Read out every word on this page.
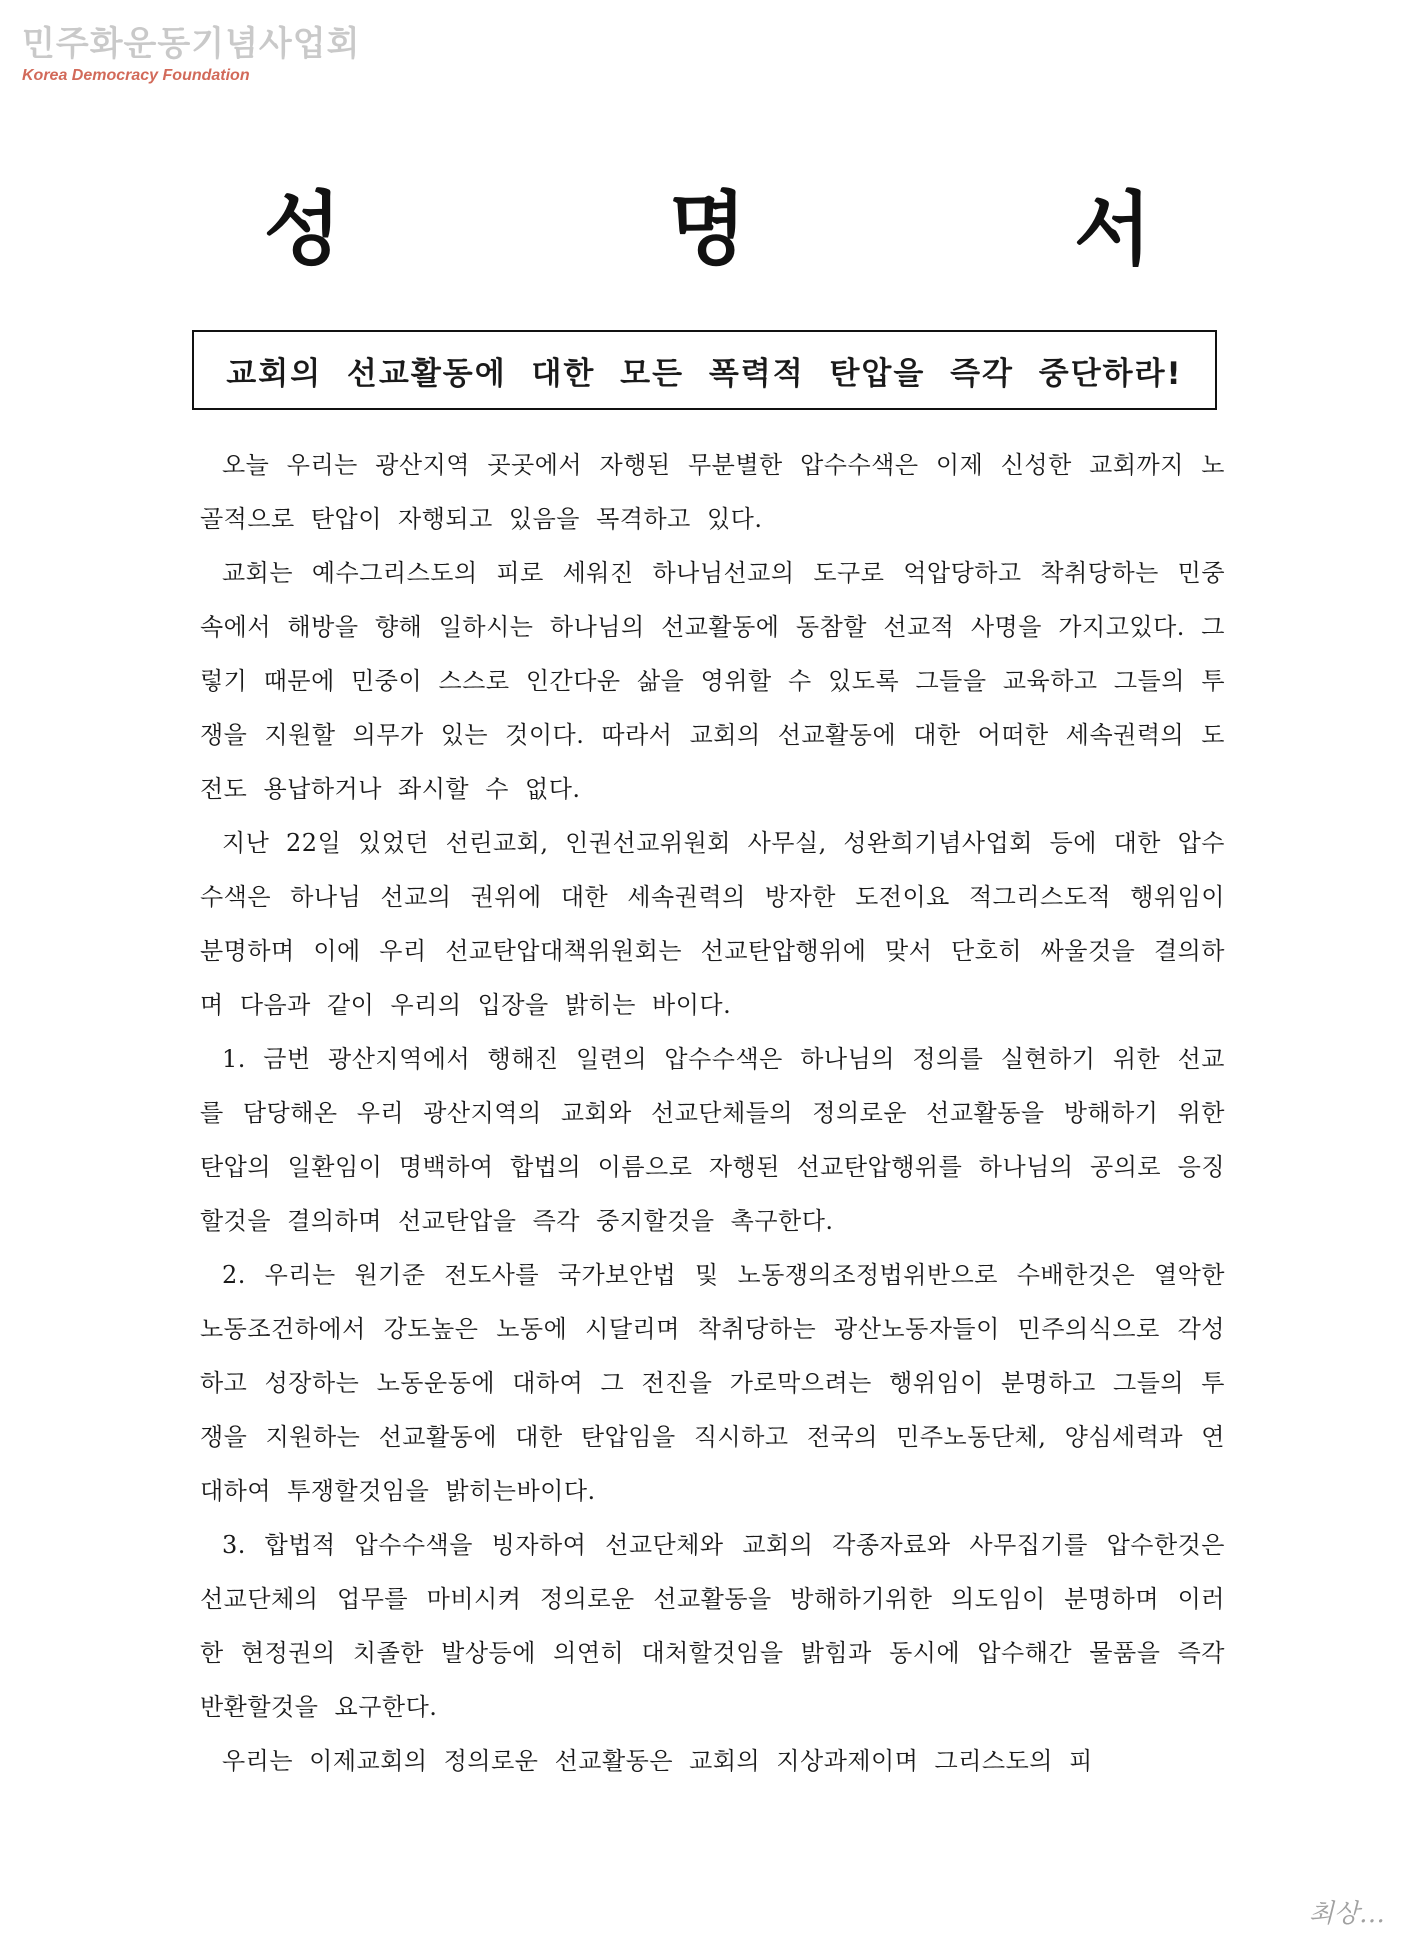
민주화운동기념사업회
Korea Democracy Foundation
성 명 서
교회의 선교활동에 대한 모든 폭력적 탄압을 즉각 중단하라!

오늘 우리는 광산지역 곳곳에서 자행된 무분별한 압수수색은 이제 신성한 교회까지 노골적으로 탄압이 자행되고 있음을 목격하고 있다.

교회는 예수그리스도의 피로 세워진 하나님선교의 도구로 억압당하고 착취당하는 민중속에서 해방을 향해 일하시는 하나님의 선교활동에 동참할 선교적 사명을 가지고있다. 그렇기 때문에 민중이 스스로 인간다운 삶을 영위할 수 있도록 그들을 교육하고 그들의 투쟁을 지원할 의무가 있는 것이다. 따라서 교회의 선교활동에 대한 어떠한 세속권력의 도전도 용납하거나 좌시할 수 없다.

지난 22일 있었던 선린교회, 인권선교위원회 사무실, 성완희기념사업회 등에 대한 압수수색은 하나님 선교의 권위에 대한 세속권력의 방자한 도전이요 적그리스도적 행위임이 분명하며 이에 우리 선교탄압대책위원회는 선교탄압행위에 맞서 단호히 싸울것을 결의하며 다음과 같이 우리의 입장을 밝히는 바이다.

1. 금번 광산지역에서 행해진 일련의 압수수색은 하나님의 정의를 실현하기 위한 선교를 담당해온 우리 광산지역의 교회와 선교단체들의 정의로운 선교활동을 방해하기 위한 탄압의 일환임이 명백하여 합법의 이름으로 자행된 선교탄압행위를 하나님의 공의로 응징할것을 결의하며 선교탄압을 즉각 중지할것을 촉구한다.

2. 우리는 원기준 전도사를 국가보안법 및 노동쟁의조정법위반으로 수배한것은 열악한 노동조건하에서 강도높은 노동에 시달리며 착취당하는 광산노동자들이 민주의식으로 각성하고 성장하는 노동운동에 대하여 그 전진을 가로막으려는 행위임이 분명하고 그들의 투쟁을 지원하는 선교활동에 대한 탄압임을 직시하고 전국의 민주노동단체, 양심세력과 연대하여 투쟁할것임을 밝히는바이다.

3. 합법적 압수수색을 빙자하여 선교단체와 교회의 각종자료와 사무집기를 압수한것은 선교단체의 업무를 마비시켜 정의로운 선교활동을 방해하기위한 의도임이 분명하며 이러한 현정권의 치졸한 발상등에 의연히 대처할것임을 밝힘과 동시에 압수해간 물품을 즉각 반환할것을 요구한다.

우리는 이제교회의 정의로운 선교활동은 교회의 지상과제이며 그리스도의 피

최상…
